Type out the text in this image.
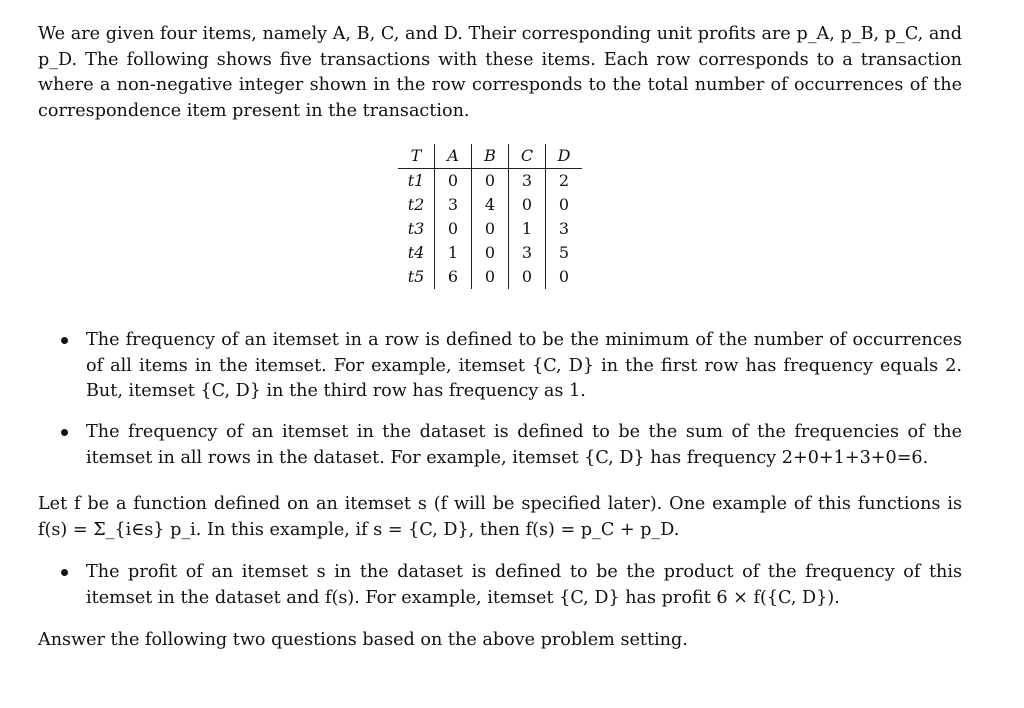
We are given four items, namely A, B, C, and D. Their corresponding unit profits are p_A, p_B, p_C, and p_D. The following shows five transactions with these items. Each row corresponds to a transaction where a non-negative integer shown in the row corresponds to the total number of occurrences of the correspondence item present in the transaction.

T	A	B	C	D
t1	0	0	3	2
t2	3	4	0	0
t3	0	0	1	3
t4	1	0	3	5
t5	6	0	0	0
The frequency of an itemset in a row is defined to be the minimum of the number of occurrences of all items in the itemset. For example, itemset {C, D} in the first row has frequency equals 2. But, itemset {C, D} in the third row has frequency as 1.
The frequency of an itemset in the dataset is defined to be the sum of the frequencies of the itemset in all rows in the dataset. For example, itemset {C, D} has frequency 2+0+1+3+0=6.

Let f be a function defined on an itemset s (f will be specified later). One example of this functions is f(s) = Σ_{i∈s} p_i. In this example, if s = {C, D}, then f(s) = p_C + p_D.

The profit of an itemset s in the dataset is defined to be the product of the frequency of this itemset in the dataset and f(s). For example, itemset {C, D} has profit 6 × f({C, D}).

Answer the following two questions based on the above problem setting.
